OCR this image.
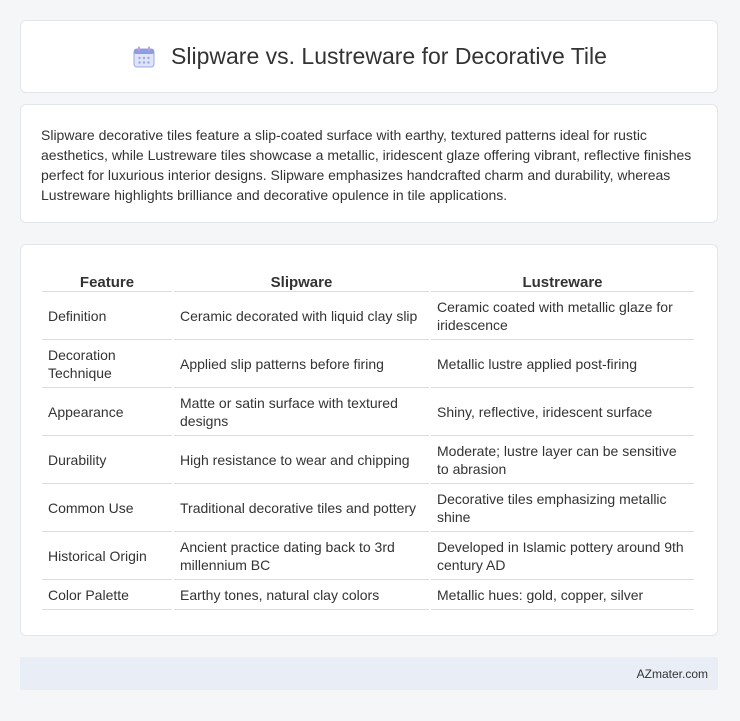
Slipware vs. Lustreware for Decorative Tile

Slipware decorative tiles feature a slip-coated surface with earthy, textured patterns ideal for rustic aesthetics, while Lustreware tiles showcase a metallic, iridescent glaze offering vibrant, reflective finishes perfect for luxurious interior designs. Slipware emphasizes handcrafted charm and durability, whereas Lustreware highlights brilliance and decorative opulence in tile applications.

Feature	Slipware	Lustreware
Definition	Ceramic decorated with liquid clay slip	Ceramic coated with metallic glaze for iridescence
Decoration Technique	Applied slip patterns before firing	Metallic lustre applied post-firing
Appearance	Matte or satin surface with textured designs	Shiny, reflective, iridescent surface
Durability	High resistance to wear and chipping	Moderate; lustre layer can be sensitive to abrasion
Common Use	Traditional decorative tiles and pottery	Decorative tiles emphasizing metallic shine
Historical Origin	Ancient practice dating back to 3rd millennium BC	Developed in Islamic pottery around 9th century AD
Color Palette	Earthy tones, natural clay colors	Metallic hues: gold, copper, silver
AZmater.com
